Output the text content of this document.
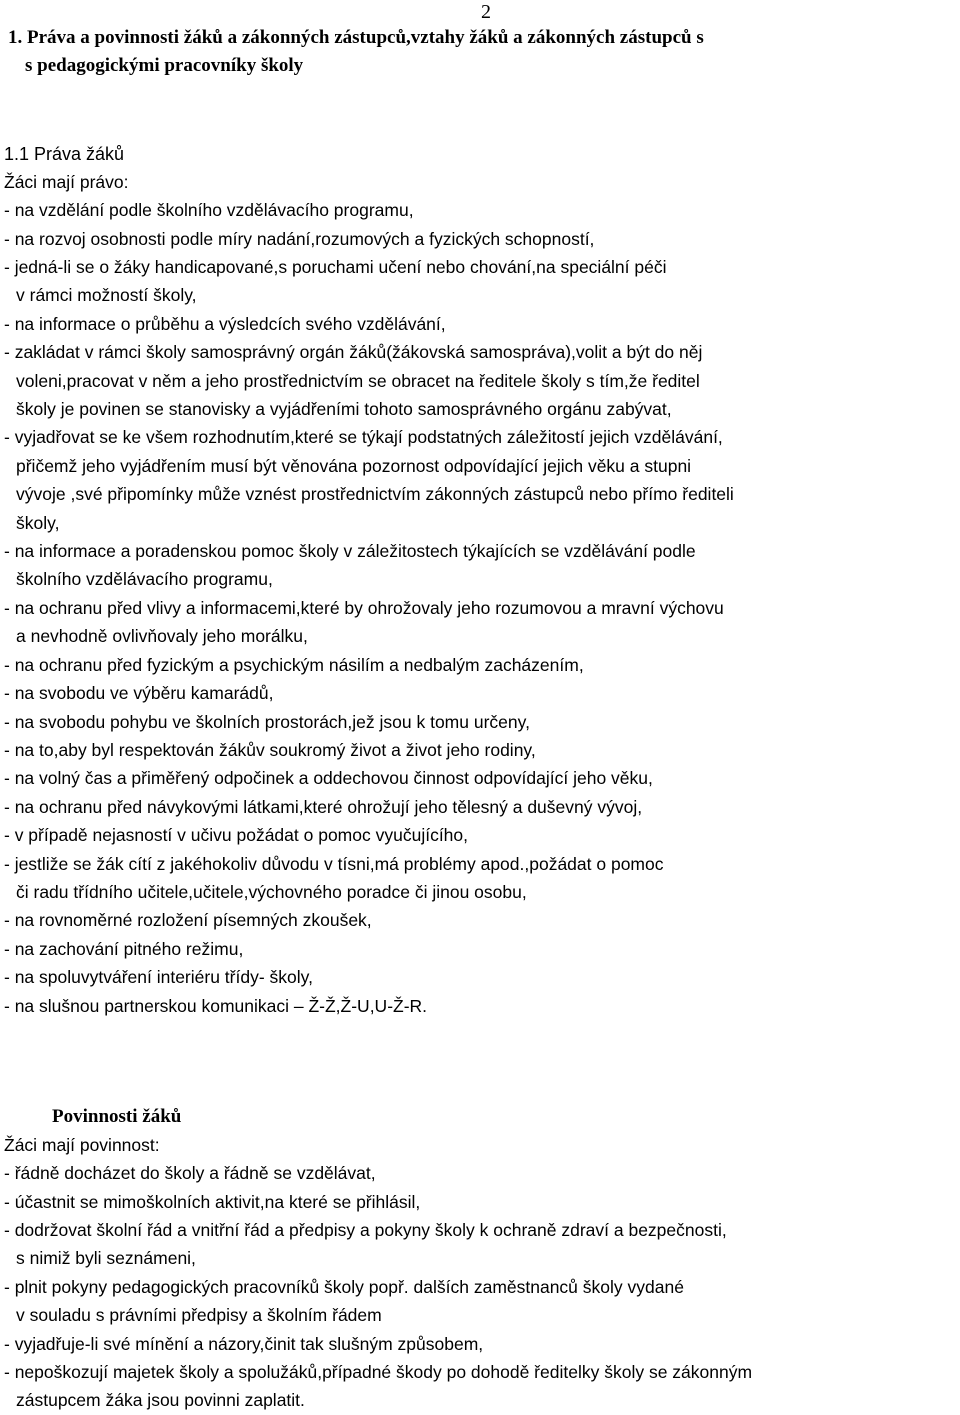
2
1. Práva a povinnosti žáků a zákonných zástupců,vztahy žáků a zákonných zástupců s
s pedagogickými pracovníky školy
1.1 Práva žáků
Žáci mají právo:
- na vzdělání podle školního vzdělávacího programu,
- na rozvoj osobnosti podle míry nadání,rozumových a fyzických schopností,
- jedná-li se o žáky handicapované,s poruchami učení nebo chování,na speciální péči
v rámci možností školy,
- na informace o průběhu a výsledcích svého vzdělávání,
- zakládat v rámci školy samosprávný orgán žáků(žákovská samospráva),volit a být do něj
voleni,pracovat v něm a jeho prostřednictvím se obracet na ředitele školy s tím,že ředitel
školy je povinen se stanovisky a vyjádřeními tohoto samosprávného orgánu zabývat,
- vyjadřovat se ke všem rozhodnutím,které se týkají podstatných záležitostí jejich vzdělávání,
přičemž jeho vyjádřením musí být věnována pozornost odpovídající jejich věku a stupni
vývoje ,své připomínky může vznést prostřednictvím zákonných zástupců nebo přímo řediteli
školy,
- na informace a poradenskou pomoc školy v záležitostech týkajících se vzdělávání podle
školního vzdělávacího programu,
- na ochranu před vlivy a informacemi,které by ohrožovaly jeho rozumovou a mravní výchovu
a nevhodně ovlivňovaly jeho morálku,
- na ochranu před fyzickým a psychickým násilím a nedbalým zacházením,
- na svobodu ve výběru kamarádů,
- na svobodu pohybu ve školních prostorách,jež jsou k tomu určeny,
- na to,aby byl respektován žákův soukromý život a život jeho rodiny,
- na volný čas a přiměřený odpočinek a oddechovou činnost odpovídající jeho věku,
- na ochranu před návykovými látkami,které ohrožují jeho tělesný a duševný vývoj,
- v případě nejasností v učivu požádat o pomoc vyučujícího,
- jestliže se žák cítí z jakéhokoliv důvodu v tísni,má problémy apod.,požádat o pomoc
či radu třídního učitele,učitele,výchovného poradce či jinou osobu,
- na rovnoměrné rozložení písemných zkoušek,
- na zachování pitného režimu,
- na spoluvytváření interiéru třídy- školy,
- na slušnou partnerskou komunikaci – Ž-Ž,Ž-U,U-Ž-R.
Povinnosti žáků
Žáci mají povinnost:
- řádně docházet do školy a řádně se vzdělávat,
- účastnit se mimoškolních aktivit,na které se přihlásil,
- dodržovat školní řád a vnitřní řád a předpisy a pokyny školy k ochraně zdraví a bezpečnosti,
s nimiž byli seznámeni,
- plnit pokyny pedagogických pracovníků školy popř. dalších zaměstnanců školy vydané
v souladu s právními předpisy a školním řádem
- vyjadřuje-li své mínění a názory,činit tak slušným způsobem,
- nepoškozují majetek školy a spolužáků,případné škody po dohodě ředitelky školy se zákonným
zástupcem žáka jsou povinni zaplatit.
